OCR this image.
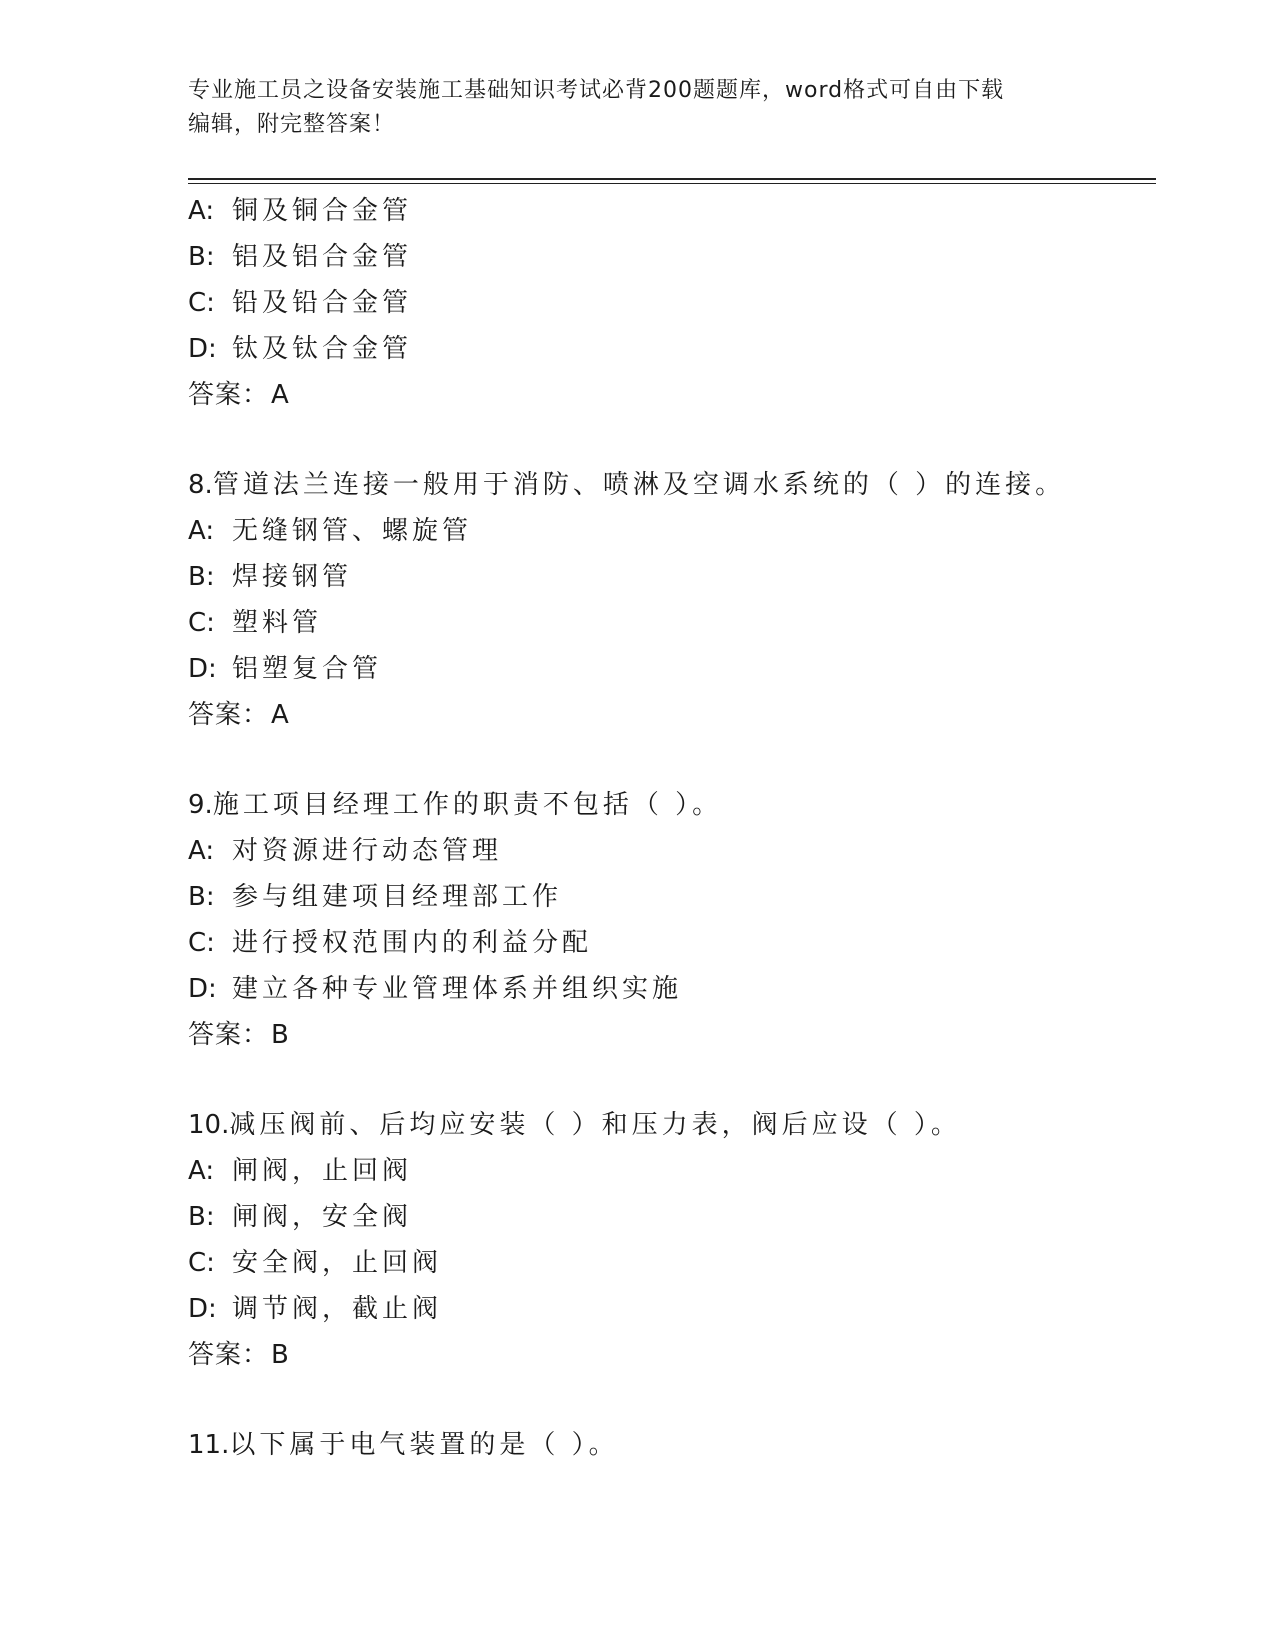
专业施工员之设备安装施工基础知识考试必背200题题库，word格式可自由下载
编辑，附完整答案！
A: 铜及铜合金管
B: 铝及铝合金管
C: 铅及铅合金管
D: 钛及钛合金管
答案：A
8.管道法兰连接一般用于消防、喷淋及空调水系统的（ ）的连接。
A: 无缝钢管、螺旋管
B: 焊接钢管
C: 塑料管
D: 铝塑复合管
答案：A
9.施工项目经理工作的职责不包括（ ）。
A: 对资源进行动态管理
B: 参与组建项目经理部工作
C: 进行授权范围内的利益分配
D: 建立各种专业管理体系并组织实施
答案：B
10.减压阀前、后均应安装（ ）和压力表，阀后应设（ ）。
A: 闸阀，止回阀
B: 闸阀，安全阀
C: 安全阀，止回阀
D: 调节阀，截止阀
答案：B
11.以下属于电气装置的是（ ）。
